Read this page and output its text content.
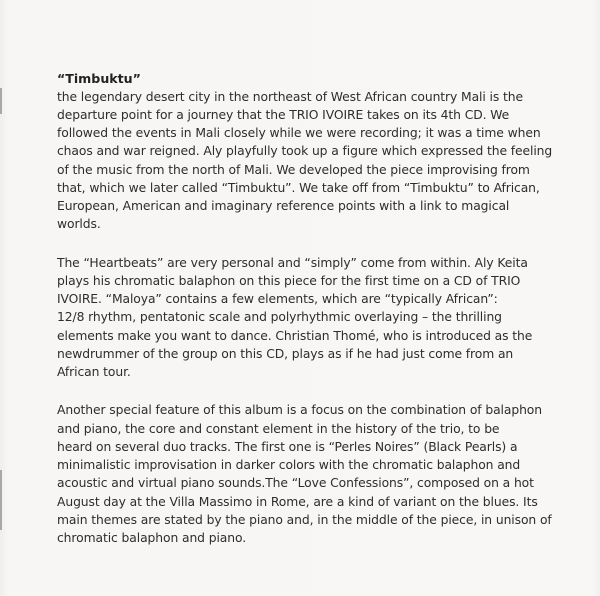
“Timbuktu”

the legendary desert city in the northeast of West African country Mali is the
departure point for a journey that the TRIO IVOIRE takes on its 4th CD. We
followed the events in Mali closely while we were recording; it was a time when
chaos and war reigned. Aly playfully took up a figure which expressed the feeling
of the music from the north of Mali. We developed the piece improvising from
that, which we later called “Timbuktu”. We take off from “Timbuktu” to African,
European, American and imaginary reference points with a link to magical
worlds.

The “Heartbeats” are very personal and “simply” come from within. Aly Keita
plays his chromatic balaphon on this piece for the first time on a CD of TRIO
IVOIRE. “Maloya” contains a few elements, which are “typically African”:
12/8 rhythm, pentatonic scale and polyrhythmic overlaying – the thrilling
elements make you want to dance. Christian Thomé, who is introduced as the
newdrummer of the group on this CD, plays as if he had just come from an
African tour.

Another special feature of this album is a focus on the combination of balaphon
and piano, the core and constant element in the history of the trio, to be
heard on several duo tracks. The first one is “Perles Noires” (Black Pearls) a
minimalistic improvisation in darker colors with the chromatic balaphon and
acoustic and virtual piano sounds.The “Love Confessions”, composed on a hot
August day at the Villa Massimo in Rome, are a kind of variant on the blues. Its
main themes are stated by the piano and, in the middle of the piece, in unison of
chromatic balaphon and piano.
